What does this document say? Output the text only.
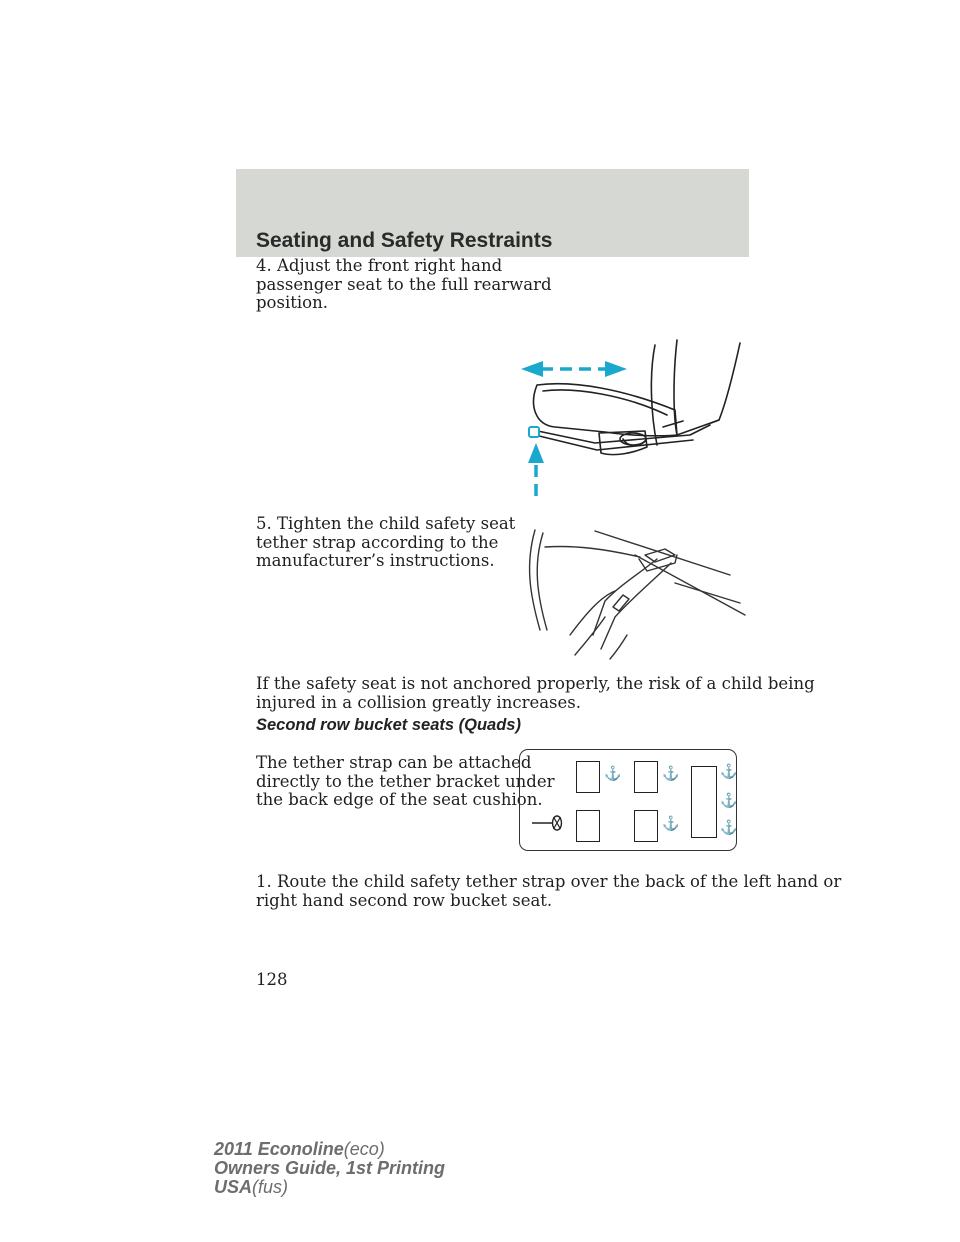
Seating and Safety Restraints
4. Adjust the front right hand
passenger seat to the full rearward
position.
5. Tighten the child safety seat
tether strap according to the
manufacturer’s instructions.
If the safety seat is not anchored properly, the risk of a child being
injured in a collision greatly increases.
Second row bucket seats (Quads)
The tether strap can be attached
directly to the tether bracket under
the back edge of the seat cushion.
⚓	⚓	⚓
⚓
⚓
⚓
1. Route the child safety tether strap over the back of the left hand or
right hand second row bucket seat.

128

2011 Econoline(eco)
Owners Guide, 1st Printing
USA(fus)
